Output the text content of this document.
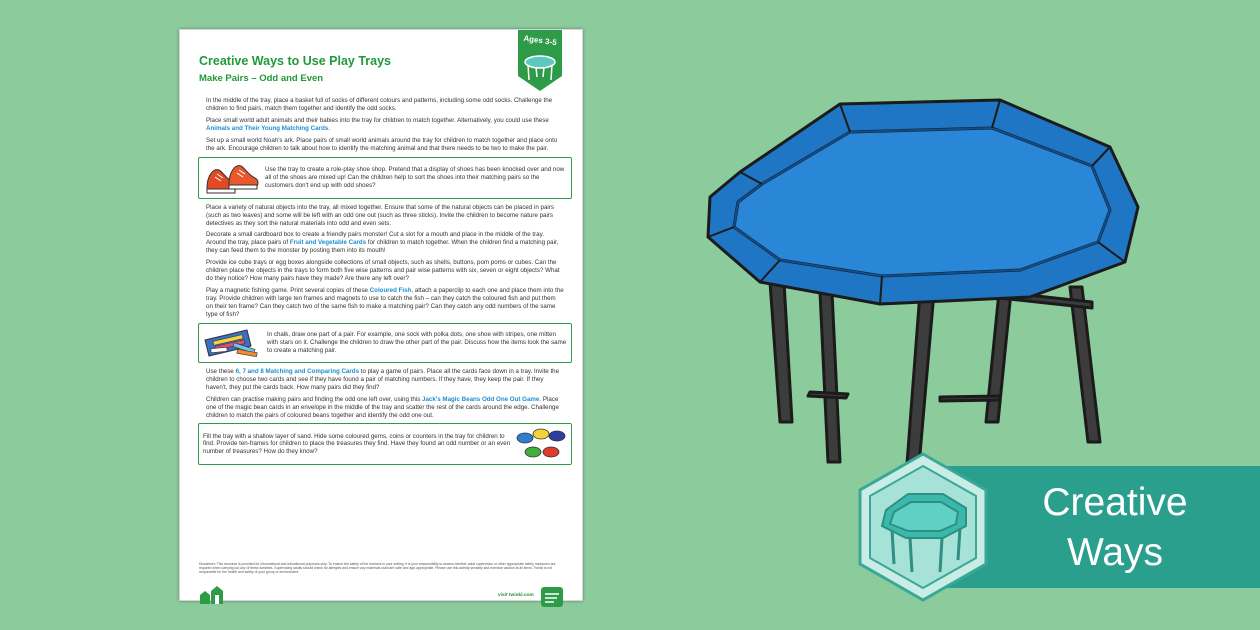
Creative Ways to Use Play Trays
Make Pairs – Odd and Even
Ages 3-5

In the middle of the tray, place a basket full of socks of different colours and patterns, including some odd socks. Challenge the children to find pairs, match them together and identify the odd socks.

Place small world adult animals and their babies into the tray for children to match together. Alternatively, you could use these Animals and Their Young Matching Cards.

Set up a small world Noah's ark. Place pairs of small world animals around the tray for children to match together and place onto the ark. Encourage children to talk about how to identify the matching animal and that there needs to be two to make the pair.

Use the tray to create a role-play shoe shop. Pretend that a display of shoes has been knocked over and now all of the shoes are mixed up! Can the children help to sort the shoes into their matching pairs so the customers don't end up with odd shoes?

Place a variety of natural objects into the tray, all mixed together. Ensure that some of the natural objects can be placed in pairs (such as two leaves) and some will be left with an odd one out (such as three sticks). Invite the children to become nature pairs detectives as they sort the natural materials into odd and even sets.

Decorate a small cardboard box to create a friendly pairs monster! Cut a slot for a mouth and place in the middle of the tray. Around the tray, place pairs of Fruit and Vegetable Cards for children to match together. When the children find a matching pair, they can feed them to the monster by posting them into its mouth!

Provide ice cube trays or egg boxes alongside collections of small objects, such as shells, buttons, pom poms or cubes. Can the children place the objects in the trays to form both five wise patterns and pair wise patterns with six, seven or eight objects? What do they notice? How many pairs have they made? Are there any left over?

Play a magnetic fishing game. Print several copies of these Coloured Fish, attach a paperclip to each one and place them into the tray. Provide children with large ten frames and magnets to use to catch the fish – can they catch the coloured fish and put them on their ten frame? Can they catch two of the same fish to make a matching pair? Can they catch any odd numbers of the same type of fish?

In chalk, draw one part of a pair. For example, one sock with polka dots, one shoe with stripes, one mitten with stars on it. Challenge the children to draw the other part of the pair. Discuss how the items look the same to create a matching pair.

Use these 6, 7 and 8 Matching and Comparing Cards to play a game of pairs. Place all the cards face down in a tray. Invite the children to choose two cards and see if they have found a pair of matching numbers. If they have, they keep the pair. If they haven't, they put the cards back. How many pairs did they find?

Children can practise making pairs and finding the odd one left over, using this Jack's Magic Beans Odd One Out Game. Place one of the magic bean cards in an envelope in the middle of the tray and scatter the rest of the cards around the edge. Challenge children to match the pairs of coloured beans together and identify the odd one out.

Fill the tray with a shallow layer of sand. Hide some coloured gems, coins or counters in the tray for children to find. Provide ten-frames for children to place the treasures they find. Have they found an odd number or an even number of treasures? How do they know?
Disclaimer: This resource is provided for informational and educational purposes only. To ensure the safety of the learners in your setting, it is your responsibility to assess whether adult supervision or other appropriate safety measures are required when carrying out any of these activities. Supervising adults should check for allergies and ensure any materials used are safe and age-appropriate. Please use this activity sensibly and exercise caution at all times. Twinkl is not responsible for the health and safety of your group or environment.
visit twinkl.com
Creative
Ways
